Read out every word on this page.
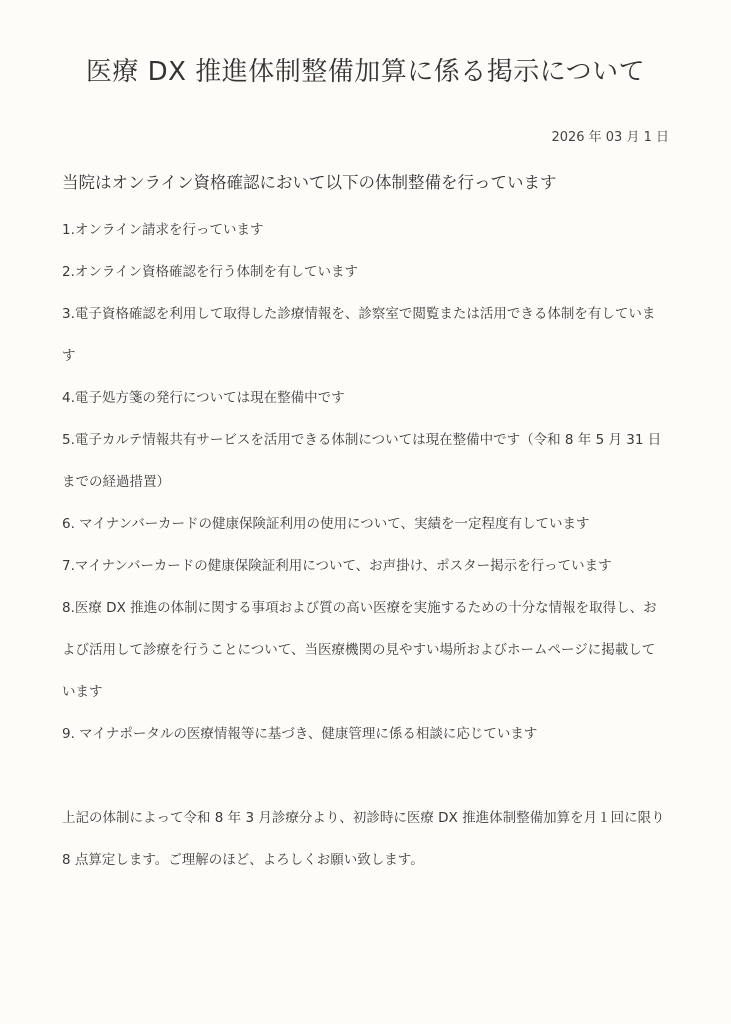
医療 DX 推進体制整備加算に係る掲示について
2026 年 03 月 1 日
当院はオンライン資格確認において以下の体制整備を行っています
1.オンライン請求を行っています
2.オンライン資格確認を行う体制を有しています
3.電子資格確認を利用して取得した診療情報を、診察室で閲覧または活用できる体制を有しています
4.電子処方箋の発行については現在整備中です
5.電子カルテ情報共有サービスを活用できる体制については現在整備中です（令和 8 年 5 月 31 日までの経過措置）
6. マイナンバーカードの健康保険証利用の使用について、実績を一定程度有しています
7.マイナンバーカードの健康保険証利用について、お声掛け、ポスター掲示を行っています
8.医療 DX 推進の体制に関する事項および質の高い医療を実施するための十分な情報を取得し、および活用して診療を行うことについて、当医療機関の見やすい場所およびホームページに掲載しています
9. マイナポータルの医療情報等に基づき、健康管理に係る相談に応じています

上記の体制によって令和 8 年 3 月診療分より、初診時に医療 DX 推進体制整備加算を月１回に限り 8 点算定します。ご理解のほど、よろしくお願い致します。
